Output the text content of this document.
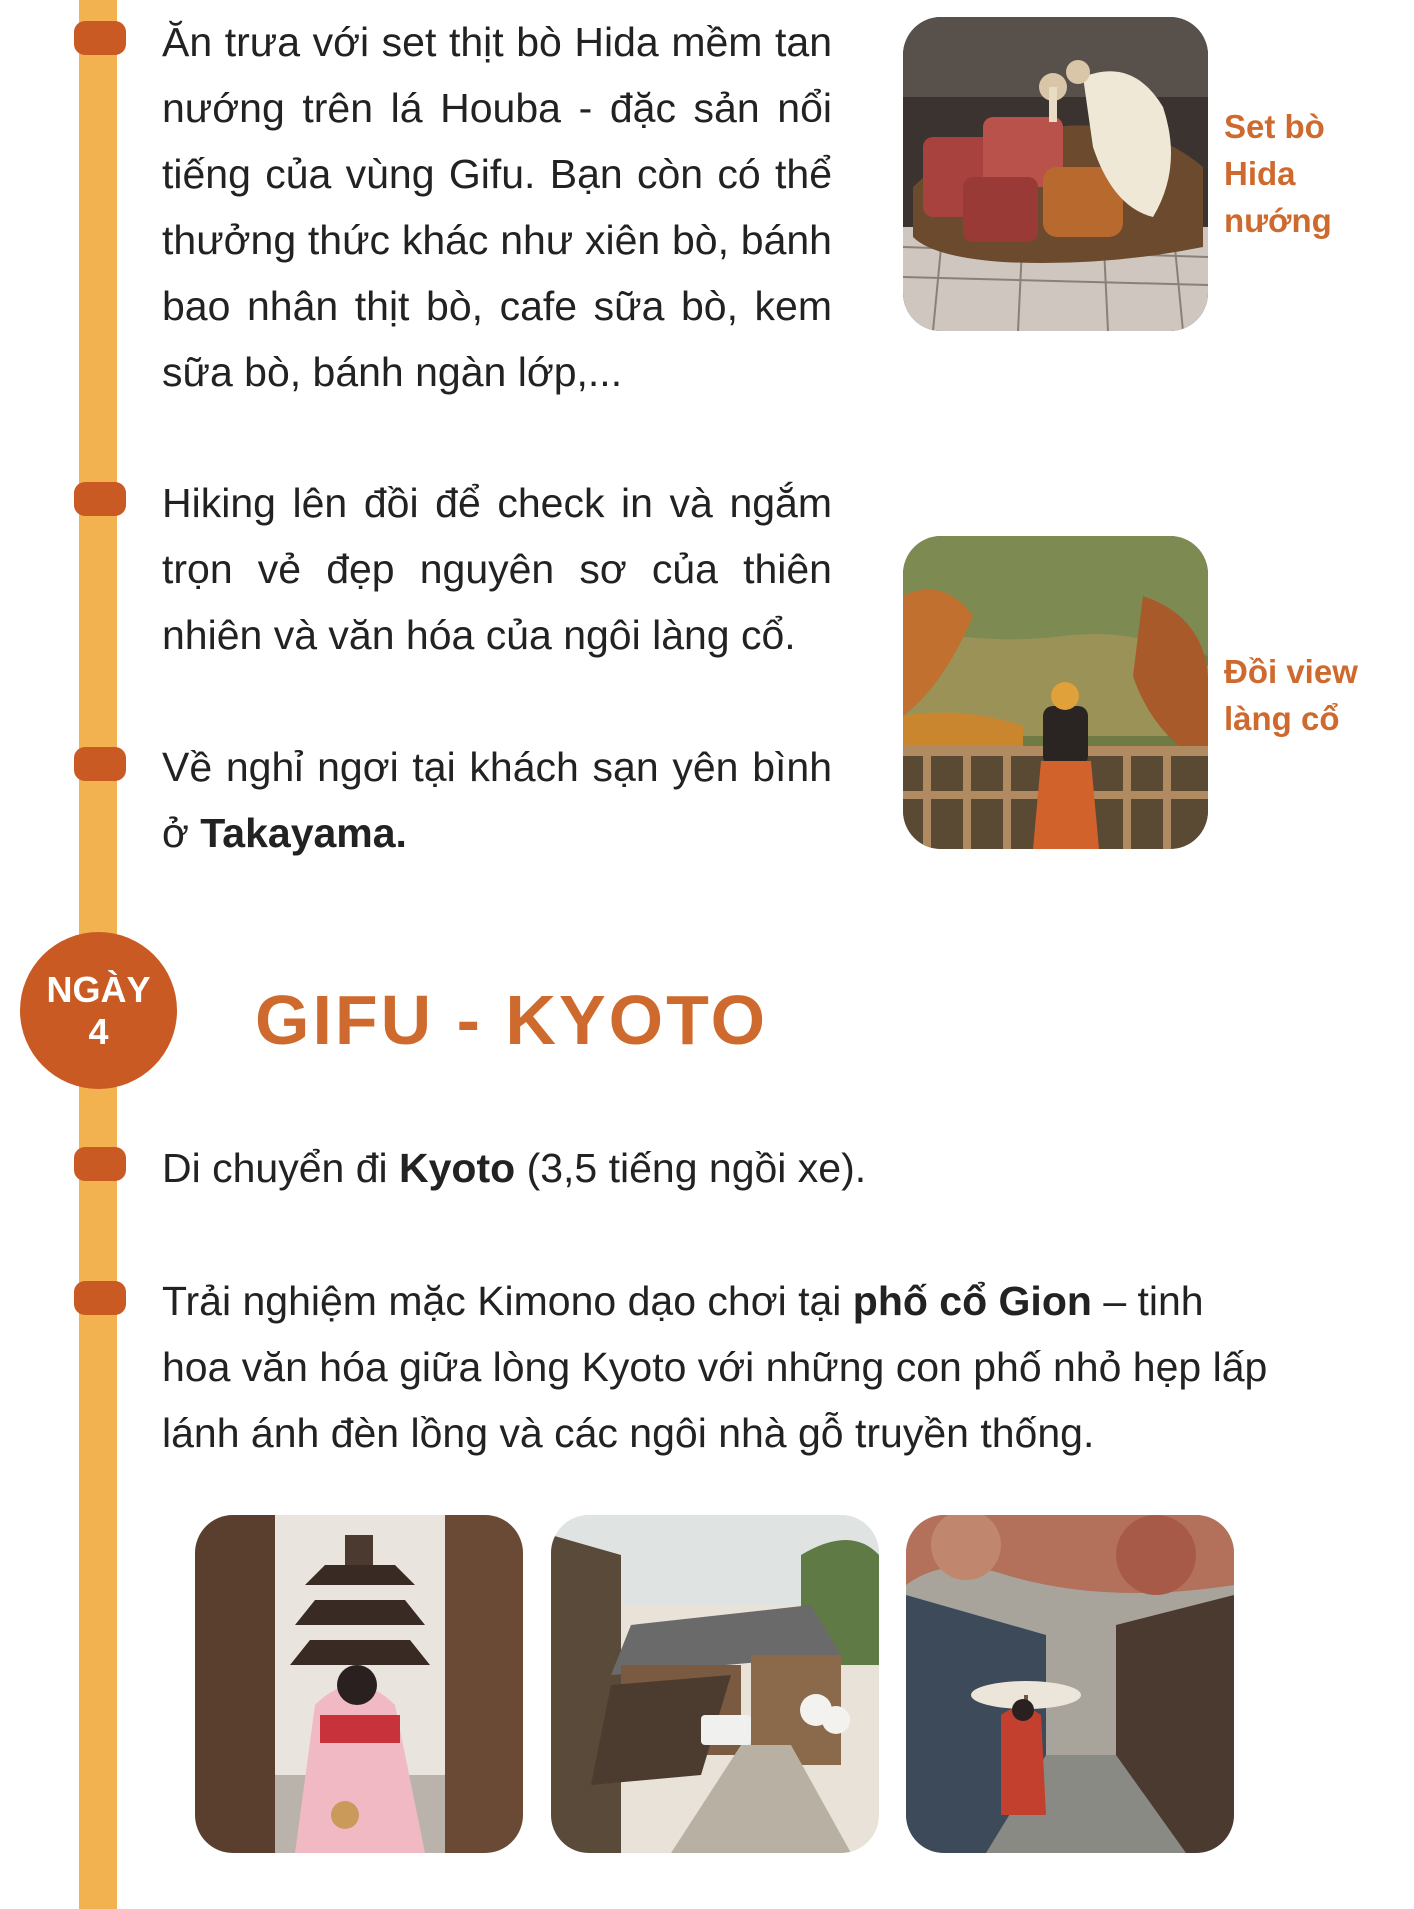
Ăn trưa với set thịt bò Hida mềm tan nướng trên lá Houba - đặc sản nổi tiếng của vùng Gifu. Bạn còn có thể thưởng thức khác như xiên bò, bánh bao nhân thịt bò, cafe sữa bò, kem sữa bò, bánh ngàn lớp,...

Set bò
Hida
nướng

Hiking lên đồi để check in và ngắm trọn vẻ đẹp nguyên sơ của thiên nhiên và văn hóa của ngôi làng cổ.

Đồi view
làng cổ

Về nghỉ ngơi tại khách sạn yên bình ở Takayama.

NGÀY
4 GIFU - KYOTO

Di chuyển đi Kyoto (3,5 tiếng ngồi xe).

Trải nghiệm mặc Kimono dạo chơi tại phố cổ Gion – tinh hoa văn hóa giữa lòng Kyoto với những con phố nhỏ hẹp lấp lánh ánh đèn lồng và các ngôi nhà gỗ truyền thống.
